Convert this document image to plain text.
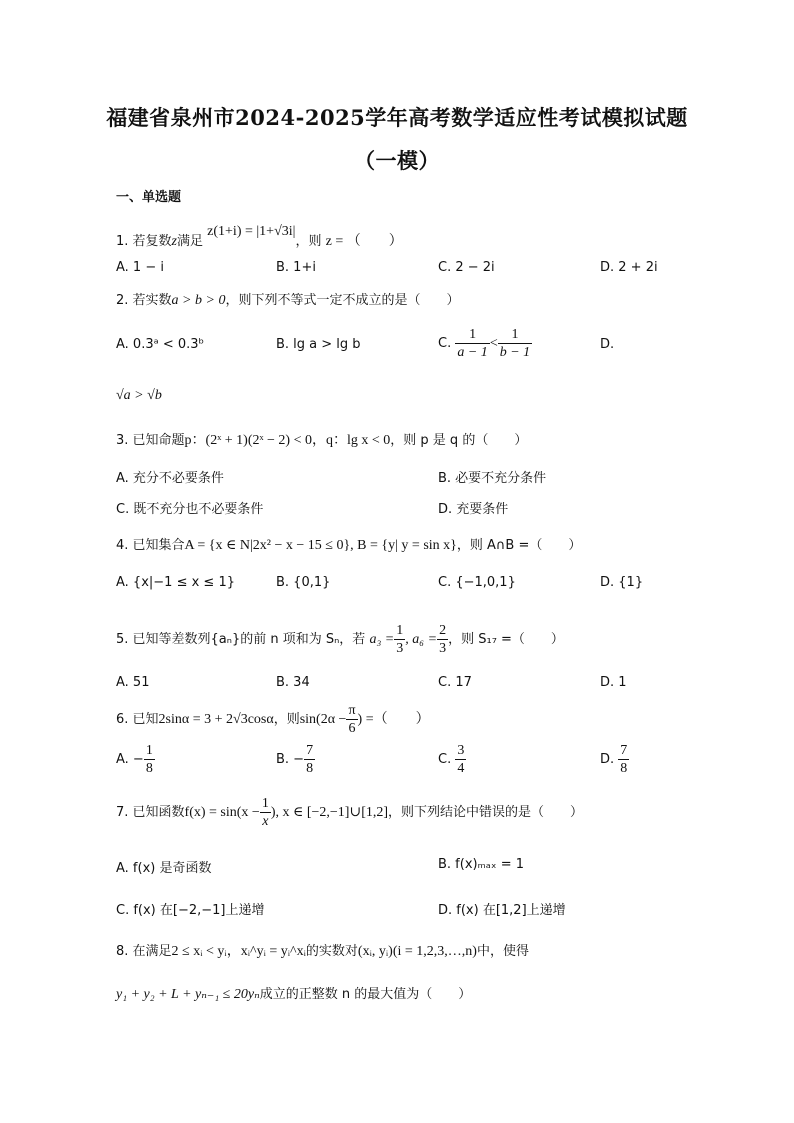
福建省泉州市2024-2025学年高考数学适应性考试模拟试题
（一模）
一、单选题
1. 若复数z满足 z(1+i) = |1+√3i|，则 z = （　　）
A. 1 − i	B. 1+i	C. 2 − 2i	D. 2 + 2i
2. 若实数a > b > 0，则下列不等式一定不成立的是（　　）
A. 0.3ᵃ < 0.3ᵇ	B. lg a > lg b	C. $\frac{1}{a - 1} < \frac{1}{b - 1}$	D.
√a > √b
3. 已知命题p：(2ˣ + 1)(2ˣ − 2) < 0，q：lg x < 0，则 p 是 q 的（　　）
A. 充分不必要条件	B. 必要不充分条件
C. 既不充分也不必要条件	D. 充要条件
4. 已知集合A = {x ∈ N|2x² − x − 15 ≤ 0}, B = {y| y = sin x}，则 A∩B =（　　）
A. {x|−1 ≤ x ≤ 1}	B. {0,1}	C. {−1,0,1}	D. {1}
5. 已知等差数列{aₙ}的前 n 项和为 Sₙ，若 $a_3 = \frac{1}{3}$ , $a_6 = \frac{2}{3}$ ，则 S₁₇ =（　　）
A. 51	B. 34	C. 17	D. 1
6. 已知2sinα = 3 + 2√3cosα，则$\sin(2\alpha - \frac{\pi}{6}$ ) =（　　）
A. − $\frac{1}{8}$	B. − $\frac{7}{8}$	C. $\frac{3}{4}$	D. $\frac{7}{8}$
7. 已知函数$f(x) = \sin(x - \frac{1}{x}$ ), x ∈ [−2,−1]∪[1,2]，则下列结论中错误的是（　　）
A. f(x) 是奇函数	B. f(x)ₘₐₓ = 1
C. f(x) 在[−2,−1]上递增	D. f(x) 在[1,2]上递增
8. 在满足2 ≤ xᵢ < yᵢ，xᵢ^yᵢ = yᵢ^xᵢ的实数对(xᵢ, yᵢ)(i = 1,2,3,…,n)中，使得
y₁ + y₂ + L + yₙ₋₁ ≤ 20yₙ成立的正整数 n 的最大值为（　　）
